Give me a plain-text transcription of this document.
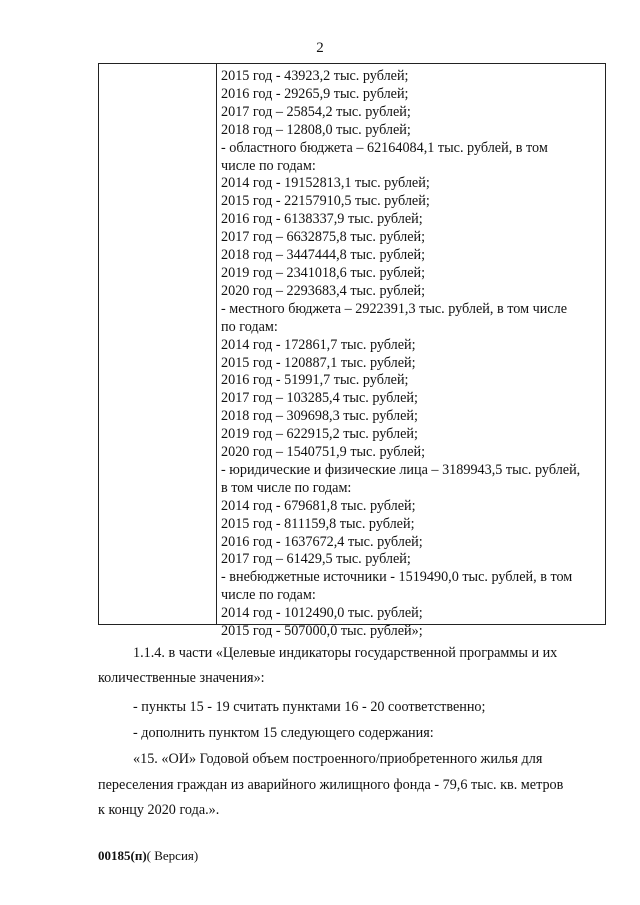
2
2015 год - 43923,2 тыс. рублей;
2016 год - 29265,9 тыс. рублей;
2017 год – 25854,2 тыс. рублей;
2018 год – 12808,0 тыс. рублей;
- областного бюджета – 62164084,1 тыс. рублей, в том
числе по годам:
2014 год - 19152813,1 тыс. рублей;
2015 год - 22157910,5 тыс. рублей;
2016 год - 6138337,9 тыс. рублей;
2017 год – 6632875,8 тыс. рублей;
2018 год – 3447444,8 тыс. рублей;
2019 год – 2341018,6 тыс. рублей;
2020 год – 2293683,4 тыс. рублей;
- местного бюджета – 2922391,3 тыс. рублей, в том числе
по годам:
2014 год - 172861,7 тыс. рублей;
2015 год - 120887,1 тыс. рублей;
2016 год - 51991,7 тыс. рублей;
2017 год – 103285,4 тыс. рублей;
2018 год – 309698,3 тыс. рублей;
2019 год – 622915,2 тыс. рублей;
2020 год – 1540751,9 тыс. рублей;
- юридические и физические лица – 3189943,5 тыс. рублей,
в том числе по годам:
2014 год - 679681,8 тыс. рублей;
2015 год - 811159,8 тыс. рублей;
2016 год - 1637672,4 тыс. рублей;
2017 год – 61429,5 тыс. рублей;
- внебюджетные источники - 1519490,0 тыс. рублей, в том
числе по годам:
2014 год - 1012490,0 тыс. рублей;
2015 год - 507000,0 тыс. рублей»;
1.1.4. в части «Целевые индикаторы государственной программы и их
количественные значения»:
- пункты 15 - 19 считать пунктами 16 - 20 соответственно;
- дополнить пунктом 15 следующего содержания:
«15. «ОИ» Годовой объем построенного/приобретенного жилья для
переселения граждан из аварийного жилищного фонда - 79,6 тыс. кв. метров
к концу 2020 года.».
00185(п)( Версия)
